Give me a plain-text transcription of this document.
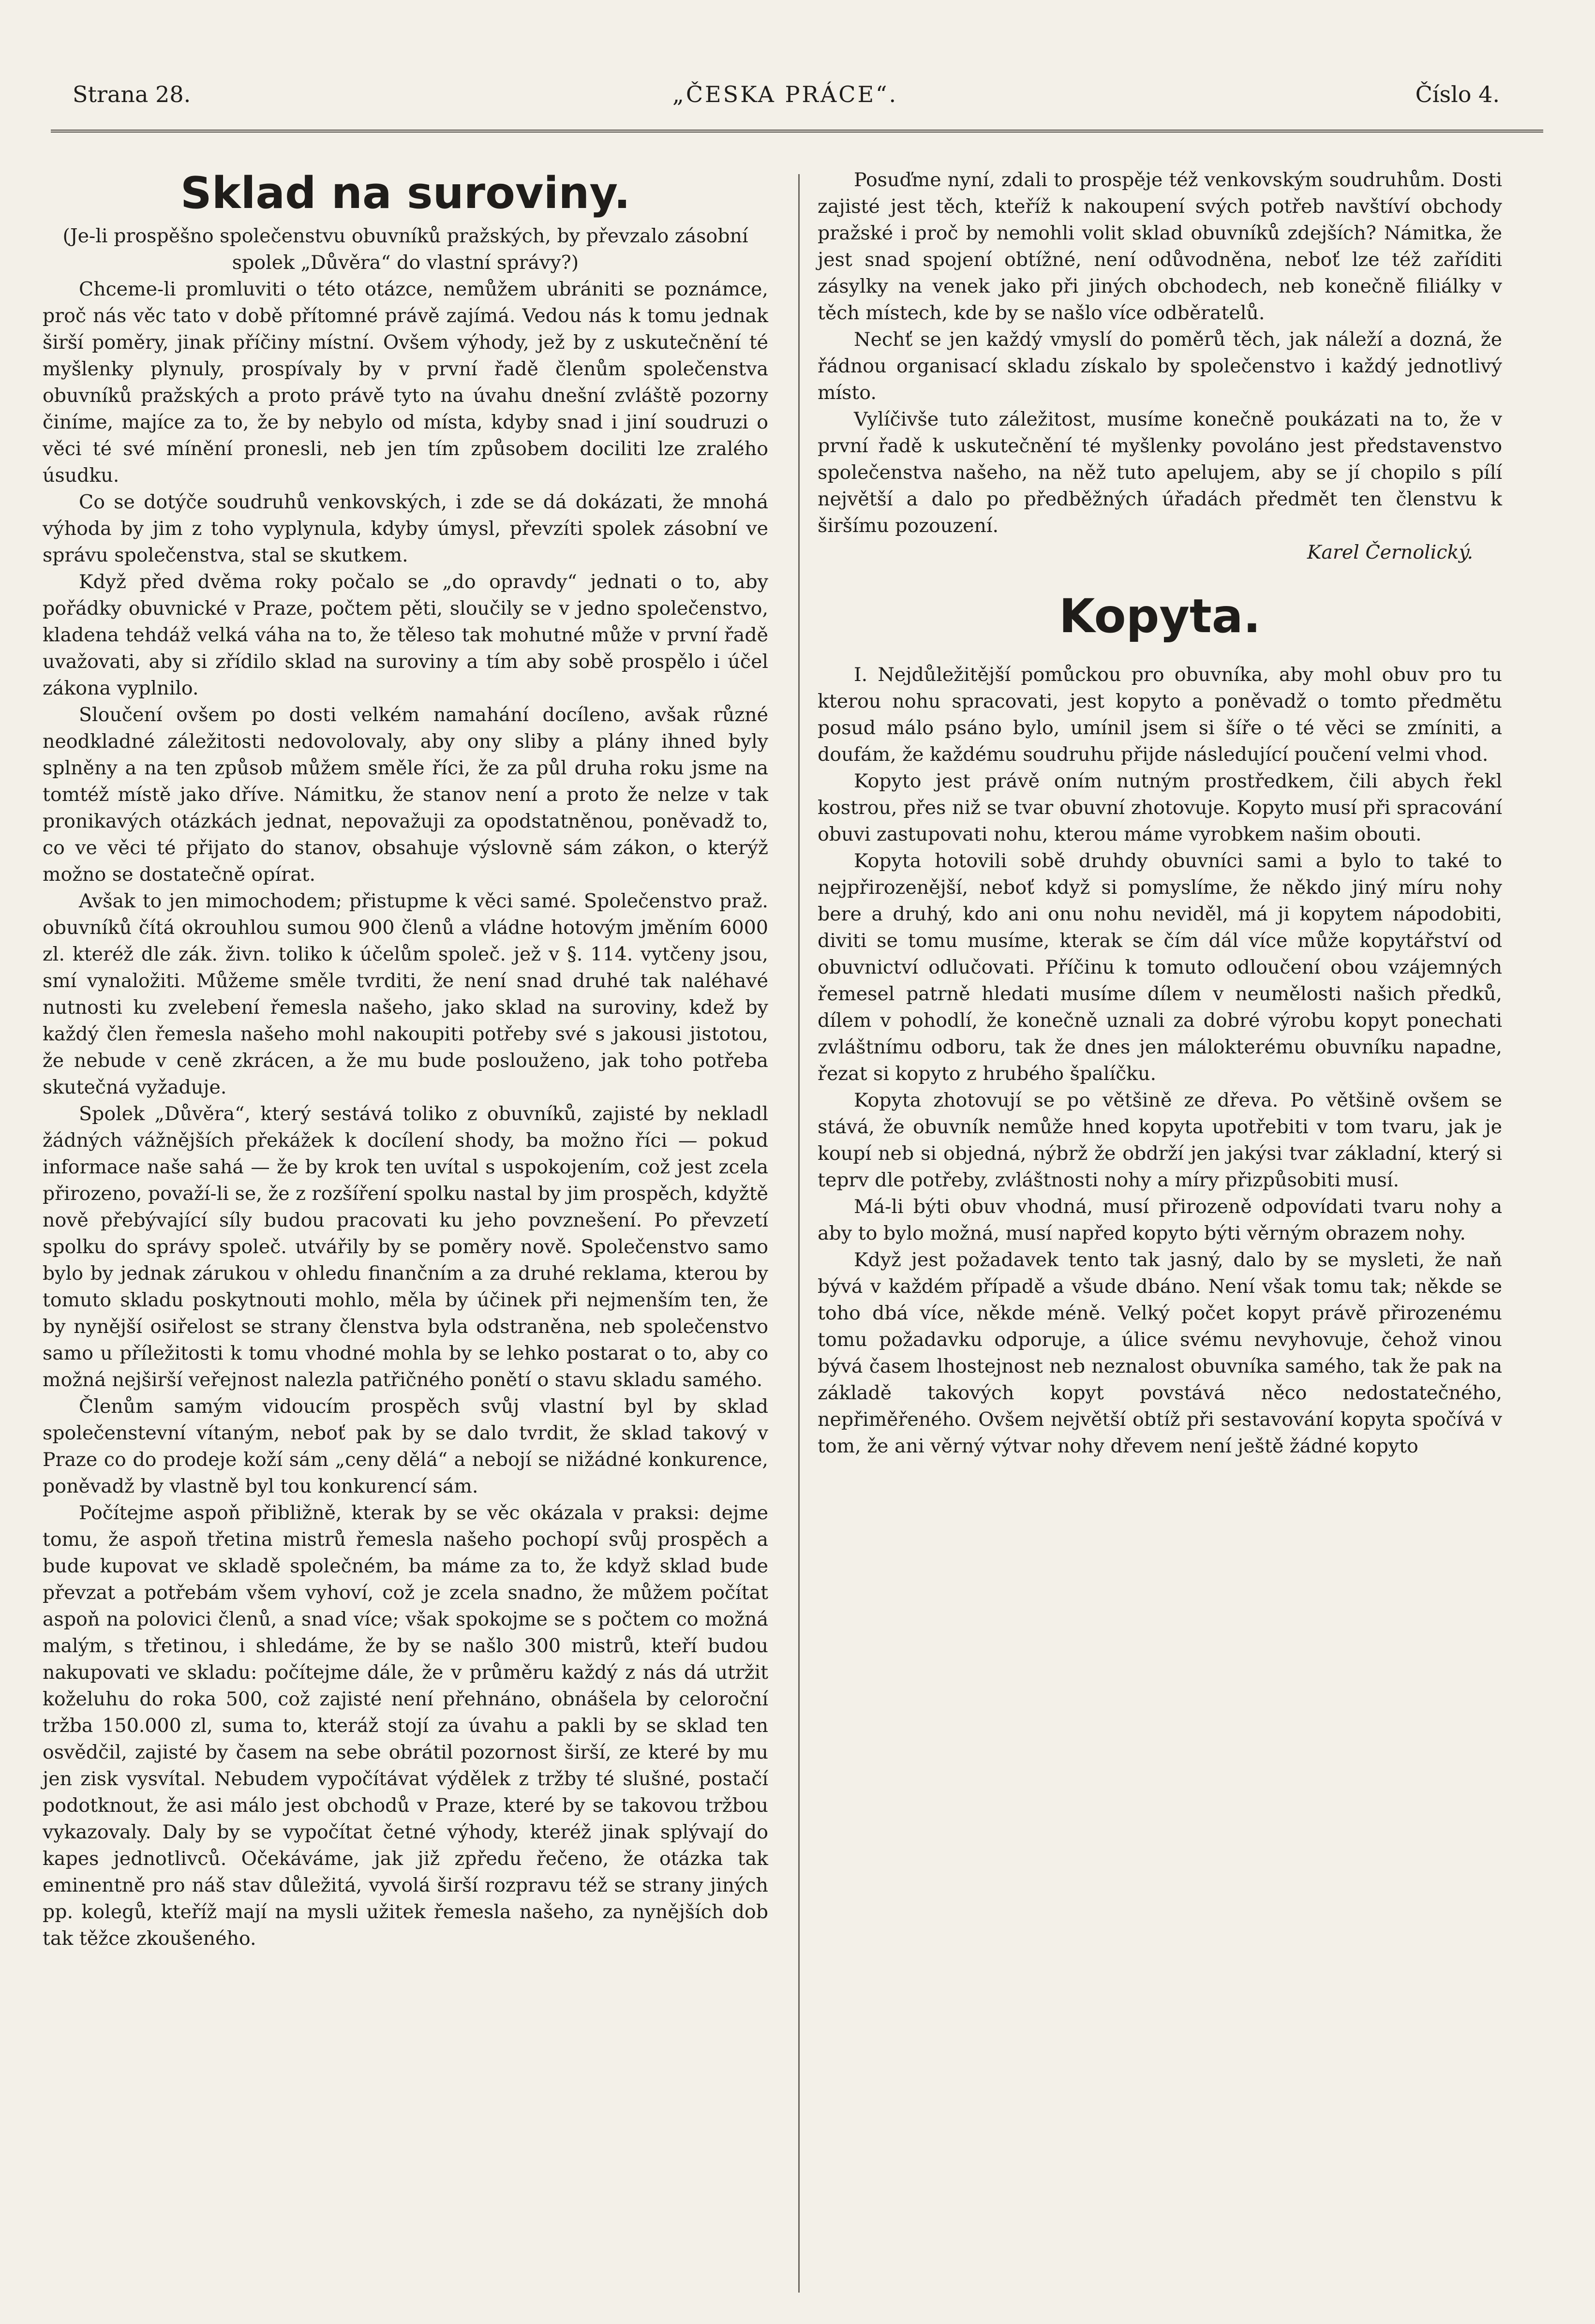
Strana 28.	„ČESKA PRÁCE“.	Číslo 4.
Sklad na suroviny.

(Je-li prospěšno společenstvu obuvníků pražských, by převzalo zásobní spolek „Důvěra“ do vlastní správy?)

Chceme-li promluviti o této otázce, nemůžem ubrániti se poznámce, proč nás věc tato v době přítomné právě zajímá. Vedou nás k tomu jednak širší poměry, jinak příčiny místní. Ovšem výhody, jež by z uskutečnění té myšlenky plynuly, prospívaly by v první řadě členům společenstva obuvníků pražských a proto právě tyto na úvahu dnešní zvláště pozorny činíme, majíce za to, že by nebylo od místa, kdyby snad i jiní soudruzi o věci té své mínění pronesli, neb jen tím způsobem dociliti lze zralého úsudku.

Co se dotýče soudruhů venkovských, i zde se dá dokázati, že mnohá výhoda by jim z toho vyplynula, kdyby úmysl, převzíti spolek zásobní ve správu společenstva, stal se skutkem.

Když před dvěma roky počalo se „do opravdy“ jednati o to, aby pořádky obuvnické v Praze, počtem pěti, sloučily se v jedno společenstvo, kladena tehdáž velká váha na to, že těleso tak mohutné může v první řadě uvažovati, aby si zřídilo sklad na suroviny a tím aby sobě prospělo i účel zákona vyplnilo.

Sloučení ovšem po dosti velkém namahání docíleno, avšak různé neodkladné záležitosti nedovolovaly, aby ony sliby a plány ihned byly splněny a na ten způsob můžem směle říci, že za půl druha roku jsme na tomtéž místě jako dříve. Námitku, že stanov není a proto že nelze v tak pronikavých otázkách jednat, nepovažuji za opodstatněnou, poněvadž to, co ve věci té přijato do stanov, obsahuje výslovně sám zákon, o kterýž možno se dostatečně opírat.

Avšak to jen mimochodem; přistupme k věci samé. Společenstvo praž. obuvníků čítá okrouhlou sumou 900 členů a vládne hotovým jměním 6000 zl. kteréž dle zák. živn. toliko k účelům společ. jež v §. 114. vytčeny jsou, smí vynaložiti. Můžeme směle tvrditi, že není snad druhé tak naléhavé nutnosti ku zvelebení řemesla našeho, jako sklad na suroviny, kdež by každý člen řemesla našeho mohl nakoupiti potřeby své s jakousi jistotou, že nebude v ceně zkrácen, a že mu bude poslouženo, jak toho potřeba skutečná vyžaduje.

Spolek „Důvěra“, který sestává toliko z obuvníků, zajisté by nekladl žádných vážnějších překážek k docílení shody, ba možno říci — pokud informace naše sahá — že by krok ten uvítal s uspokojením, což jest zcela přirozeno, považí-li se, že z rozšíření spolku nastal by jim prospěch, kdyžtě nově přebývající síly budou pracovati ku jeho povznešení. Po převzetí spolku do správy společ. utvářily by se poměry nově. Společenstvo samo bylo by jednak zárukou v ohledu finančním a za druhé reklama, kterou by tomuto skladu poskytnouti mohlo, měla by účinek při nejmenším ten, že by nynější osiřelost se strany členstva byla odstraněna, neb společenstvo samo u příležitosti k tomu vhodné mohla by se lehko postarat o to, aby co možná nejširší veřejnost nalezla patřičného ponětí o stavu skladu samého.

Členům samým vidoucím prospěch svůj vlastní byl by sklad společenstevní vítaným, neboť pak by se dalo tvrdit, že sklad takový v Praze co do prodeje koží sám „ceny dělá“ a nebojí se nižádné konkurence, poněvadž by vlastně byl tou konkurencí sám.

Počítejme aspoň přibližně, kterak by se věc okázala v praksi: dejme tomu, že aspoň třetina mistrů řemesla našeho pochopí svůj prospěch a bude kupovat ve skladě společném, ba máme za to, že když sklad bude převzat a potřebám všem vyhoví, což je zcela snadno, že můžem počítat aspoň na polovici členů, a snad více; však spokojme se s počtem co možná malým, s třetinou, i shledáme, že by se našlo 300 mistrů, kteří budou nakupovati ve skladu: počítejme dále, že v průměru každý z nás dá utržit koželuhu do roka 500, což zajisté není přehnáno, obnášela by celoroční tržba 150.000 zl, suma to, kteráž stojí za úvahu a pakli by se sklad ten osvědčil, zajisté by časem na sebe obrátil pozornost širší, ze které by mu jen zisk vysvítal. Nebudem vypočítávat výdělek z tržby té slušné, postačí podotknout, že asi málo jest obchodů v Praze, které by se takovou tržbou vykazovaly. Daly by se vypočítat četné výhody, kteréž jinak splývají do kapes jednotlivců. Očekáváme, jak již zpředu řečeno, že otázka tak eminentně pro náš stav důležitá, vyvolá širší rozpravu též se strany jiných pp. kolegů, kteříž mají na mysli užitek řemesla našeho, za nynějších dob tak těžce zkoušeného.

Posuďme nyní, zdali to prospěje též venkovským soudruhům. Dosti zajisté jest těch, kteříž k nakoupení svých potřeb navštíví obchody pražské i proč by nemohli volit sklad obuvníků zdejších? Námitka, že jest snad spojení obtížné, není odůvodněna, neboť lze též zaříditi zásylky na venek jako při jiných obchodech, neb konečně filiálky v těch místech, kde by se našlo více odběratelů.

Nechť se jen každý vmyslí do poměrů těch, jak náleží a dozná, že řádnou organisací skladu získalo by společenstvo i každý jednotlivý místo.

Vylíčivše tuto záležitost, musíme konečně poukázati na to, že v první řadě k uskutečnění té myšlenky povoláno jest představenstvo společenstva našeho, na něž tuto apelujem, aby se jí chopilo s pílí největší a dalo po předběžných úřadách předmět ten členstvu k širšímu pozouzení.

Karel Černolický.

Kopyta.

I. Nejdůležitější pomůckou pro obuvníka, aby mohl obuv pro tu kterou nohu spracovati, jest kopyto a poněvadž o tomto předmětu posud málo psáno bylo, umínil jsem si šíře o té věci se zmíniti, a doufám, že každému soudruhu přijde následující poučení velmi vhod.

Kopyto jest právě oním nutným prostředkem, čili abych řekl kostrou, přes niž se tvar obuvní zhotovuje. Kopyto musí při spracování obuvi zastupovati nohu, kterou máme vyrobkem našim obouti.

Kopyta hotovili sobě druhdy obuvníci sami a bylo to také to nejpřirozenější, neboť když si pomyslíme, že někdo jiný míru nohy bere a druhý, kdo ani onu nohu neviděl, má ji kopytem nápodobiti, diviti se tomu musíme, kterak se čím dál více může kopytářství od obuvnictví odlučovati. Příčinu k tomuto odloučení obou vzájemných řemesel patrně hledati musíme dílem v neumělosti našich předků, dílem v pohodlí, že konečně uznali za dobré výrobu kopyt ponechati zvláštnímu odboru, tak že dnes jen málokterému obuvníku napadne, řezat si kopyto z hrubého špalíčku.

Kopyta zhotovují se po většině ze dřeva. Po většině ovšem se stává, že obuvník nemůže hned kopyta upotřebiti v tom tvaru, jak je koupí neb si objedná, nýbrž že obdrží jen jakýsi tvar základní, který si teprv dle potřeby, zvláštnosti nohy a míry přizpůsobiti musí.

Má-li býti obuv vhodná, musí přirozeně odpovídati tvaru nohy a aby to bylo možná, musí napřed kopyto býti věrným obrazem nohy.

Když jest požadavek tento tak jasný, dalo by se mysleti, že naň bývá v každém případě a všude dbáno. Není však tomu tak; někde se toho dbá více, někde méně. Velký počet kopyt právě přirozenému tomu požadavku odporuje, a úlice svému nevyhovuje, čehož vinou bývá časem lhostejnost neb neznalost obuvníka samého, tak že pak na základě takových kopyt povstává něco nedostatečného, nepřiměřeného. Ovšem největší obtíž při sestavování kopyta spočívá v tom, že ani věrný výtvar nohy dřevem není ještě žádné kopyto
